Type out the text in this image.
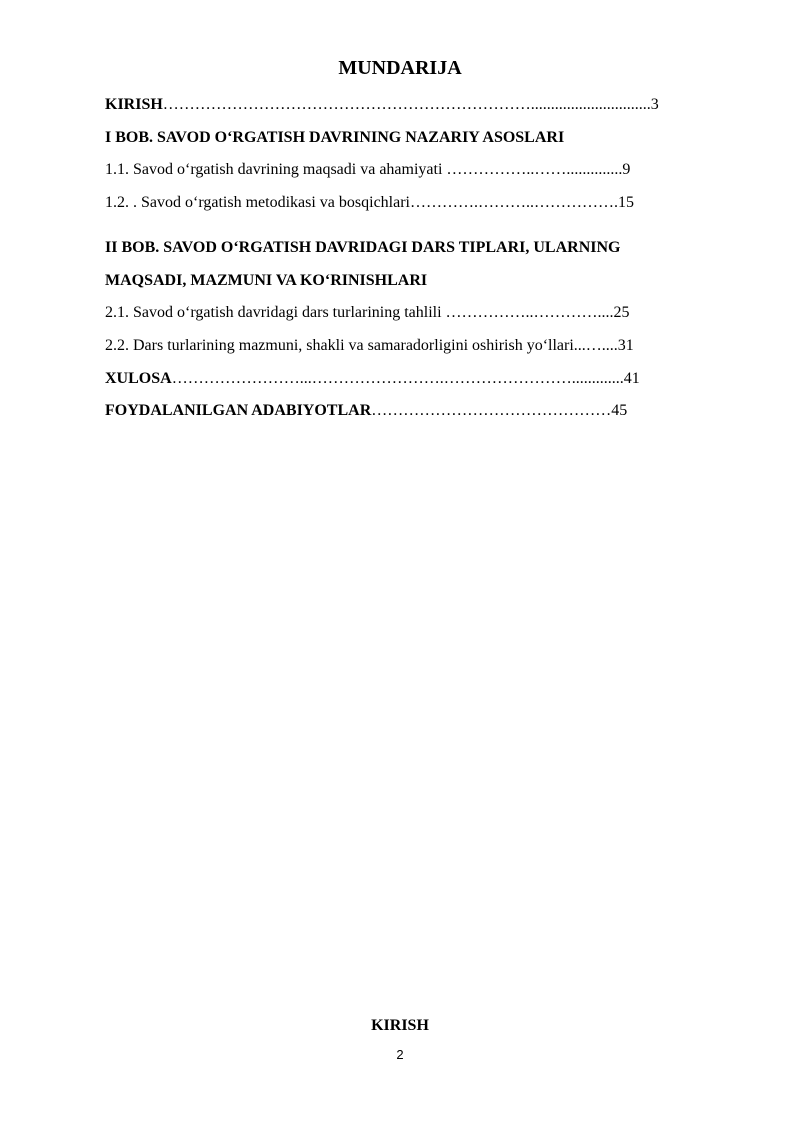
MUNDARIJA
KIRISH……………………………………………………………..............................3
I BOB. SAVOD O‘RGATISH DAVRINING NAZARIY ASOSLARI
1.1. Savod o‘rgatish davrining maqsadi va ahamiyati ……………..……..............9
1.2. . Savod o‘rgatish metodikasi va bosqichlari………….………..…………….15
II BOB. SAVOD O‘RGATISH DAVRIDAGI DARS TIPLARI, ULARNING
MAQSADI, MAZMUNI VA KO‘RINISHLARI
2.1. Savod o‘rgatish davridagi dars turlarining tahlili ……………..…………....25
2.2. Dars turlarining mazmuni, shakli va samaradorligini oshirish yo‘llari...…....31
XULOSA……………………...…………………….…………………….............41
FOYDALANILGAN ADABIYOTLAR………………………………………45
KIRISH
2
